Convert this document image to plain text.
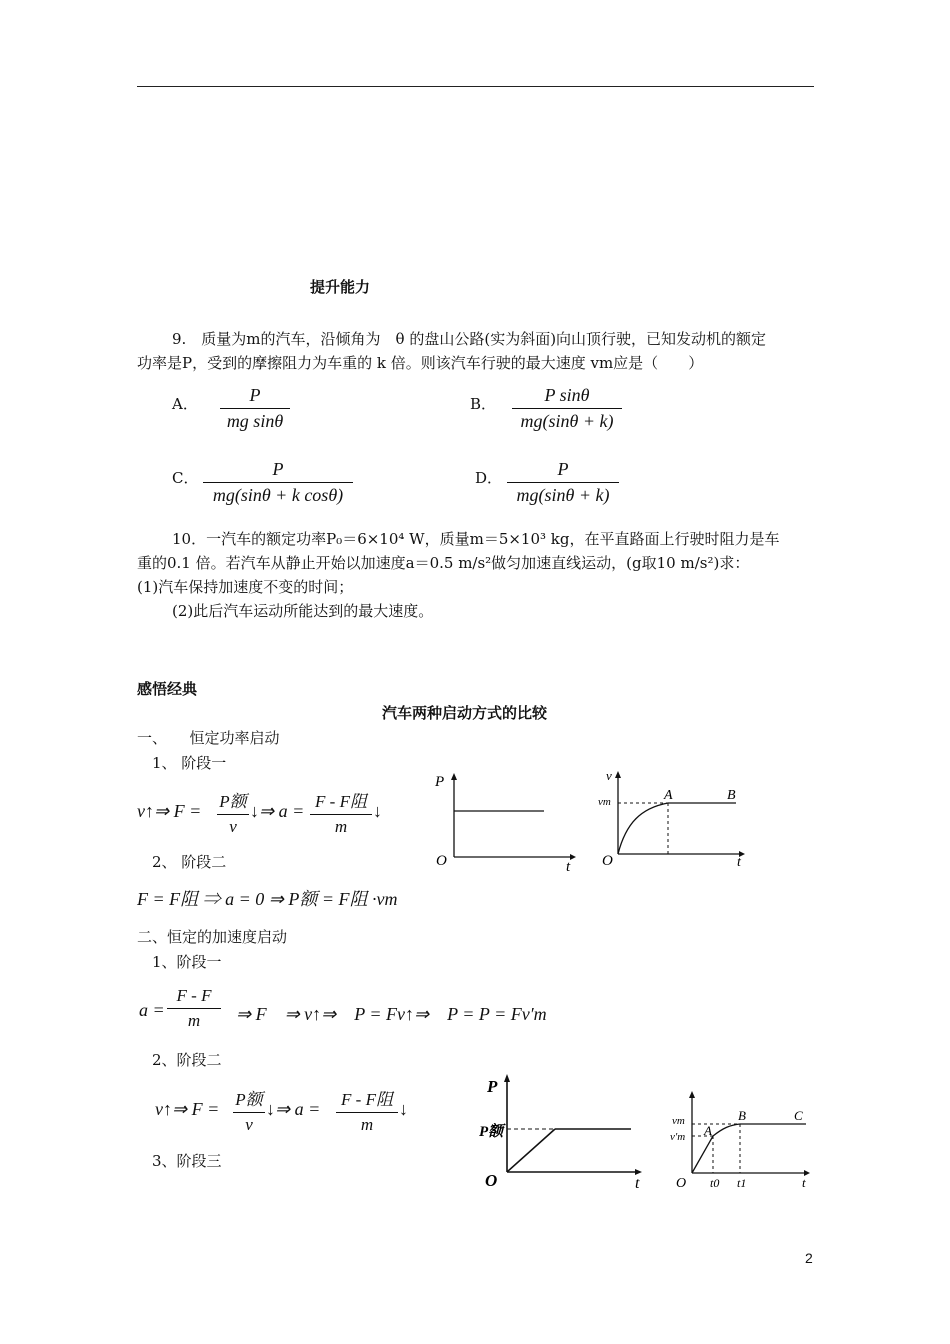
提升能力
9.　质量为m的汽车，沿倾角为　θ 的盘山公路(实为斜面)向山顶行驶，已知发动机的额定
功率是P，受到的摩擦阻力为车重的 k 倍。则该汽车行驶的最大速度 vm应是（　　）
A．	P
mg sinθ
B．	P sinθ
mg(sinθ + k)
C．	P
mg(sinθ + k cosθ)
D．	P
mg(sinθ + k)
10．一汽车的额定功率P₀＝6×10⁴ W，质量m＝5×10³ kg，在平直路面上行驶时阻力是车
重的0.1 倍。若汽车从静止开始以加速度a＝0.5 m/s²做匀加速直线运动，(g取10 m/s²)求：
(1)汽车保持加速度不变的时间；
(2)此后汽车运动所能达到的最大速度。
感悟经典
汽车两种启动方式的比较
一、　　恒定功率启动
1、 阶段一
v↑⇒ F = P额
v
↓⇒ a = F - F阻
m
↓
2、 阶段二
F = F阻 ⇒ a = 0 ⇒ P额 = F阻 ·vm
P
t
O
v
vm	A	B
t
O
二、恒定的加速度启动
1、阶段一
a =
F - F
m	⇒ F　⇒ v↑⇒　P = Fv↑⇒　P = P = Fv′m
2、阶段二
v↑⇒ F = P额
v
↓⇒ a = F - F阻
m
↓
3、阶段三
P
P额
t
O
vm
v′m A
B	C
t0 t1	t
O
2
